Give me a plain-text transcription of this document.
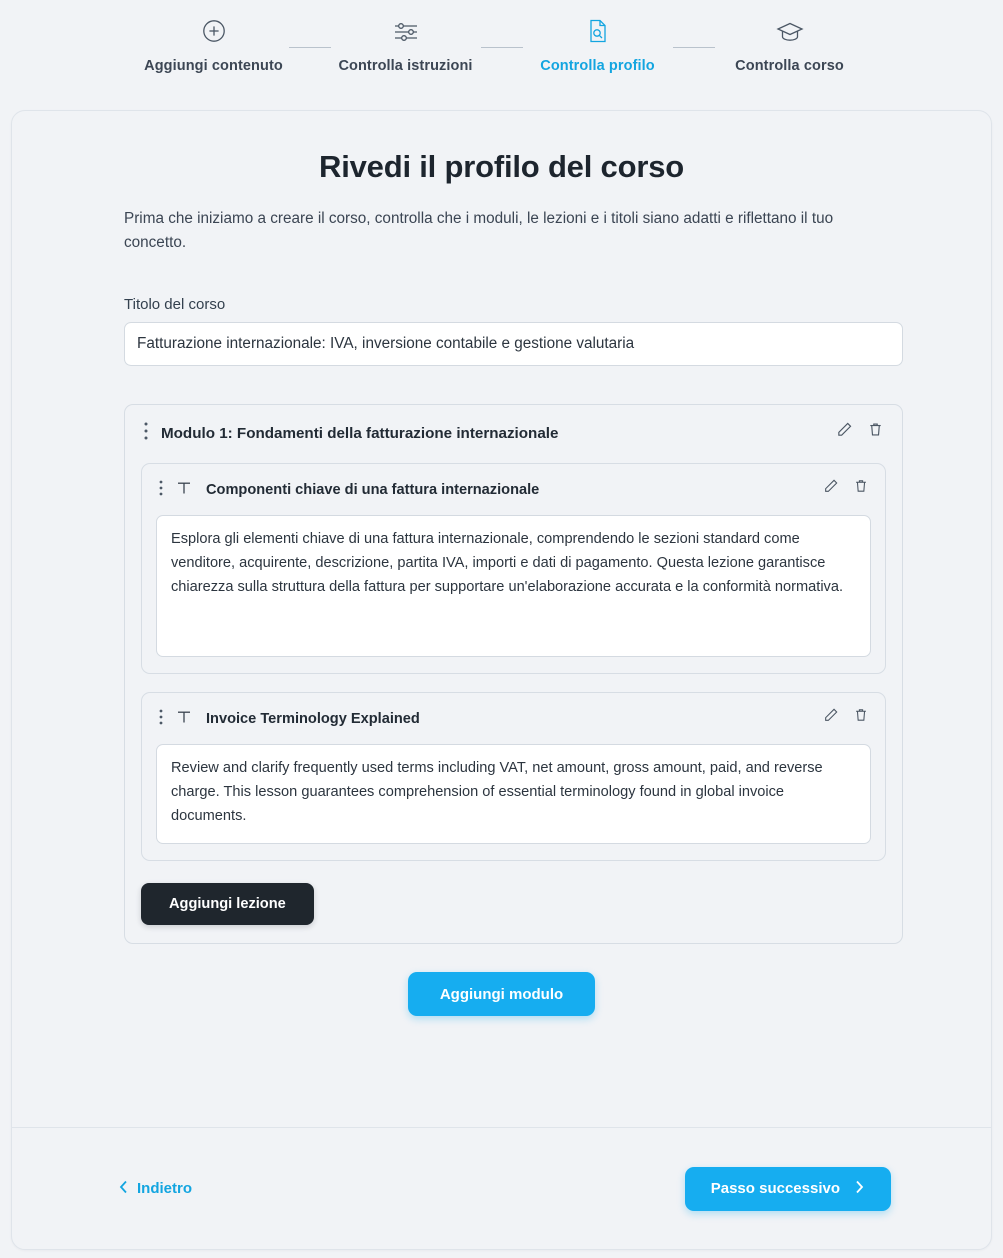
Aggiungi contenuto	Controlla istruzioni	Controlla profilo	Controlla corso
Rivedi il profilo del corso

Prima che iniziamo a creare il corso, controlla che i moduli, le lezioni e i titoli siano adatti e riflettano il tuo concetto.

Titolo del corso
Fatturazione internazionale: IVA, inversione contabile e gestione valutaria
Modulo 1: Fondamenti della fatturazione internazionale
Componenti chiave di una fattura internazionale
Esplora gli elementi chiave di una fattura internazionale, comprendendo le sezioni standard come venditore, acquirente, descrizione, partita IVA, importi e dati di pagamento. Questa lezione garantisce chiarezza sulla struttura della fattura per supportare un'elaborazione accurata e la conformità normativa.
Invoice Terminology Explained
Review and clarify frequently used terms including VAT, net amount, gross amount, paid, and reverse charge. This lesson guarantees comprehension of essential terminology found in global invoice documents.
Aggiungi lezione
Aggiungi modulo
Indietro	Passo successivo
